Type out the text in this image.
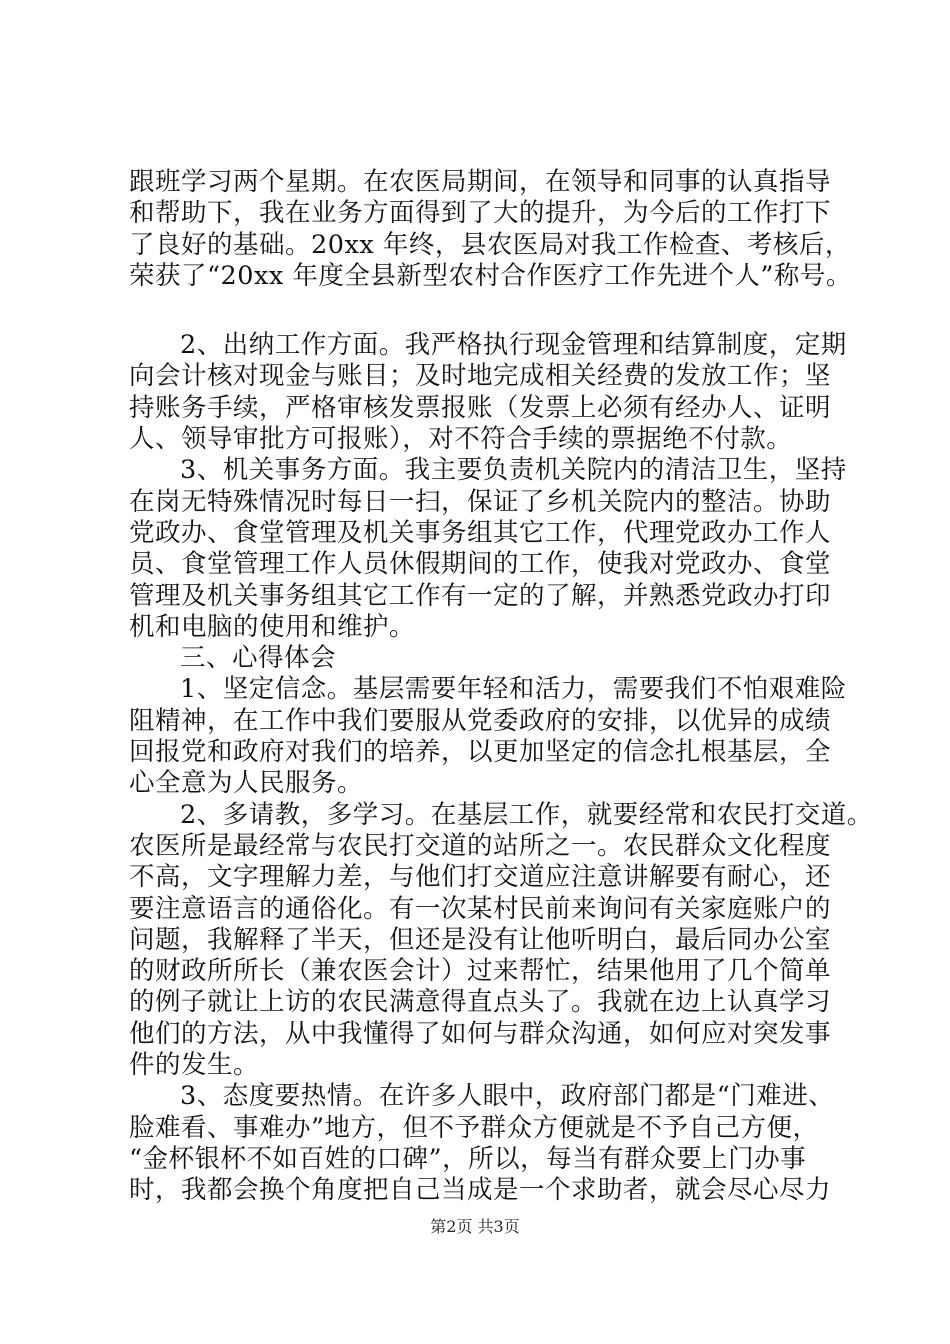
跟班学习两个星期。在农医局期间，在领导和同事的认真指导
和帮助下，我在业务方面得到了大的提升，为今后的工作打下
了良好的基础。20xx 年终，县农医局对我工作检查、考核后，
荣获了“20xx 年度全县新型农村合作医疗工作先进个人”称号。
2、出纳工作方面。我严格执行现金管理和结算制度，定期
向会计核对现金与账目；及时地完成相关经费的发放工作；坚
持账务手续，严格审核发票报账（发票上必须有经办人、证明
人、领导审批方可报账），对不符合手续的票据绝不付款。
3、机关事务方面。我主要负责机关院内的清洁卫生，坚持
在岗无特殊情况时每日一扫，保证了乡机关院内的整洁。协助
党政办、食堂管理及机关事务组其它工作，代理党政办工作人
员、食堂管理工作人员休假期间的工作，使我对党政办、食堂
管理及机关事务组其它工作有一定的了解，并熟悉党政办打印
机和电脑的使用和维护。
三、心得体会
1、坚定信念。基层需要年轻和活力，需要我们不怕艰难险
阻精神，在工作中我们要服从党委政府的安排，以优异的成绩
回报党和政府对我们的培养，以更加坚定的信念扎根基层，全
心全意为人民服务。
2、多请教，多学习。在基层工作，就要经常和农民打交道。
农医所是最经常与农民打交道的站所之一。农民群众文化程度
不高，文字理解力差，与他们打交道应注意讲解要有耐心，还
要注意语言的通俗化。有一次某村民前来询问有关家庭账户的
问题，我解释了半天，但还是没有让他听明白，最后同办公室
的财政所所长（兼农医会计）过来帮忙，结果他用了几个简单
的例子就让上访的农民满意得直点头了。我就在边上认真学习
他们的方法，从中我懂得了如何与群众沟通，如何应对突发事
件的发生。
3、态度要热情。在许多人眼中，政府部门都是“门难进、
脸难看、事难办”地方，但不予群众方便就是不予自己方便，
“金杯银杯不如百姓的口碑”，所以，每当有群众要上门办事
时，我都会换个角度把自己当成是一个求助者，就会尽心尽力
第2页 共3页
